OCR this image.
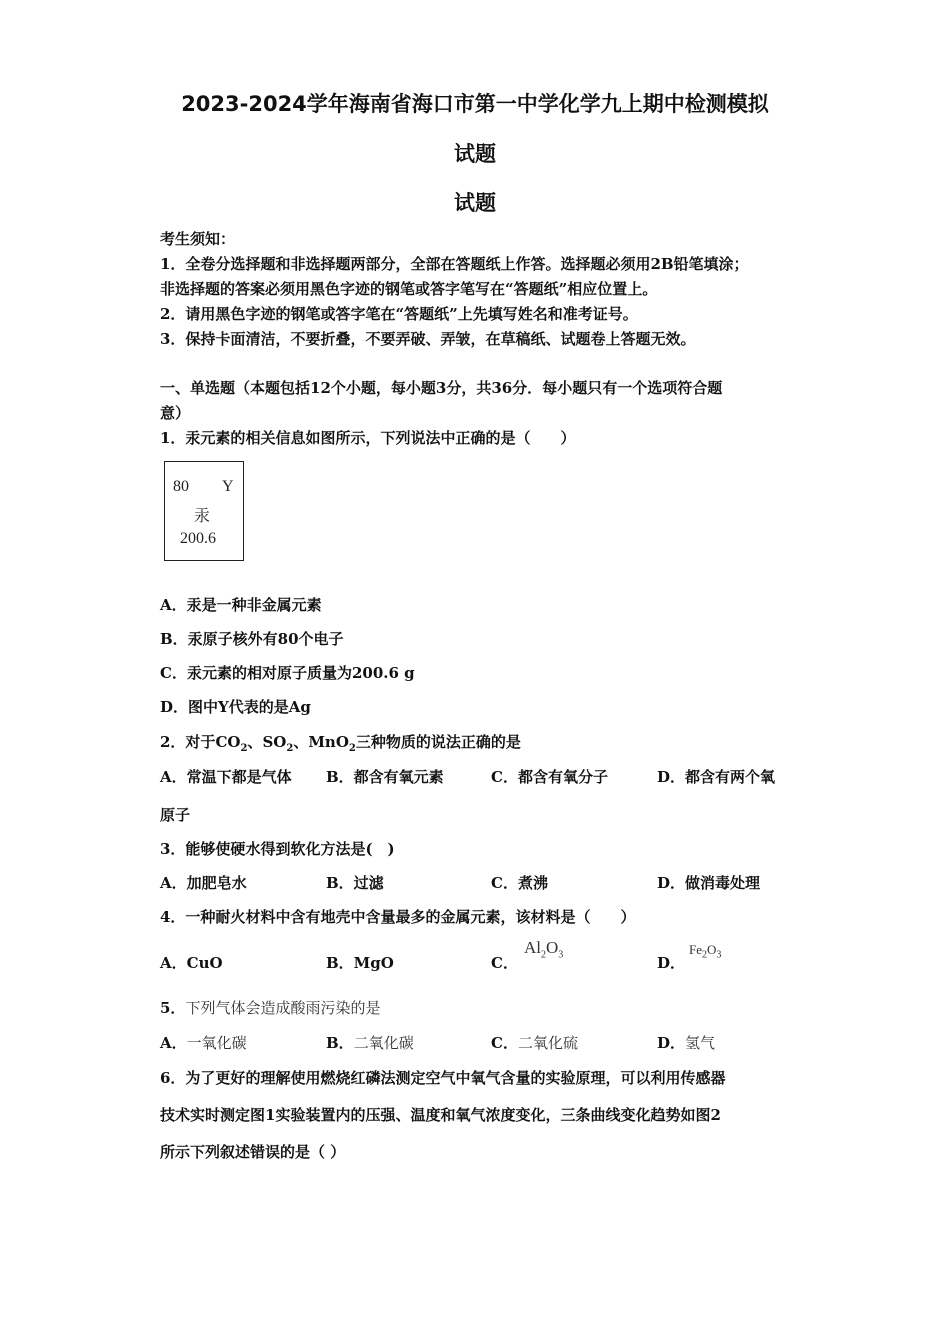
2023-2024学年海南省海口市第一中学化学九上期中检测模拟
试题
试题
考生须知：
1．全卷分选择题和非选择题两部分，全部在答题纸上作答。选择题必须用2B铅笔填涂；
非选择题的答案必须用黑色字迹的钢笔或答字笔写在“答题纸”相应位置上。
2．请用黑色字迹的钢笔或答字笔在“答题纸”上先填写姓名和准考证号。
3．保持卡面清洁，不要折叠，不要弄破、弄皱，在草稿纸、试题卷上答题无效。
一、单选题（本题包括12个小题，每小题3分，共36分．每小题只有一个选项符合题
意）
1．汞元素的相关信息如图所示，下列说法中正确的是（　　）
80 Y
汞
200.6
A．汞是一种非金属元素
B．汞原子核外有80个电子
C．汞元素的相对原子质量为200.6 g
D．图中Y代表的是Ag
2．对于$CO_2$、$SO_2$、MnO$_2$三种物质的说法正确的是
A．常温下都是气体 B．都含有氧元素	C．都含有氧分子	D．都含有两个氧
原子
3．能够使硬水得到软化方法是(　)
A．加肥皂水	B．过滤	C．煮沸	D．做消毒处理
4．一种耐火材料中含有地壳中含量最多的金属元素，该材料是（　　）
A．CuO	B．MgO	C．
$Al_2O_3$	D．
$Fe_2O_3$
5．下列气体会造成酸雨污染的是
A．一氧化碳	B．二氧化碳	C．二氧化硫	D．氢气
6．为了更好的理解使用燃烧红磷法测定空气中氧气含量的实验原理，可以利用传感器
技术实时测定图1实验装置内的压强、温度和氧气浓度变化，三条曲线变化趋势如图2
所示下列叙述错误的是（ ）
